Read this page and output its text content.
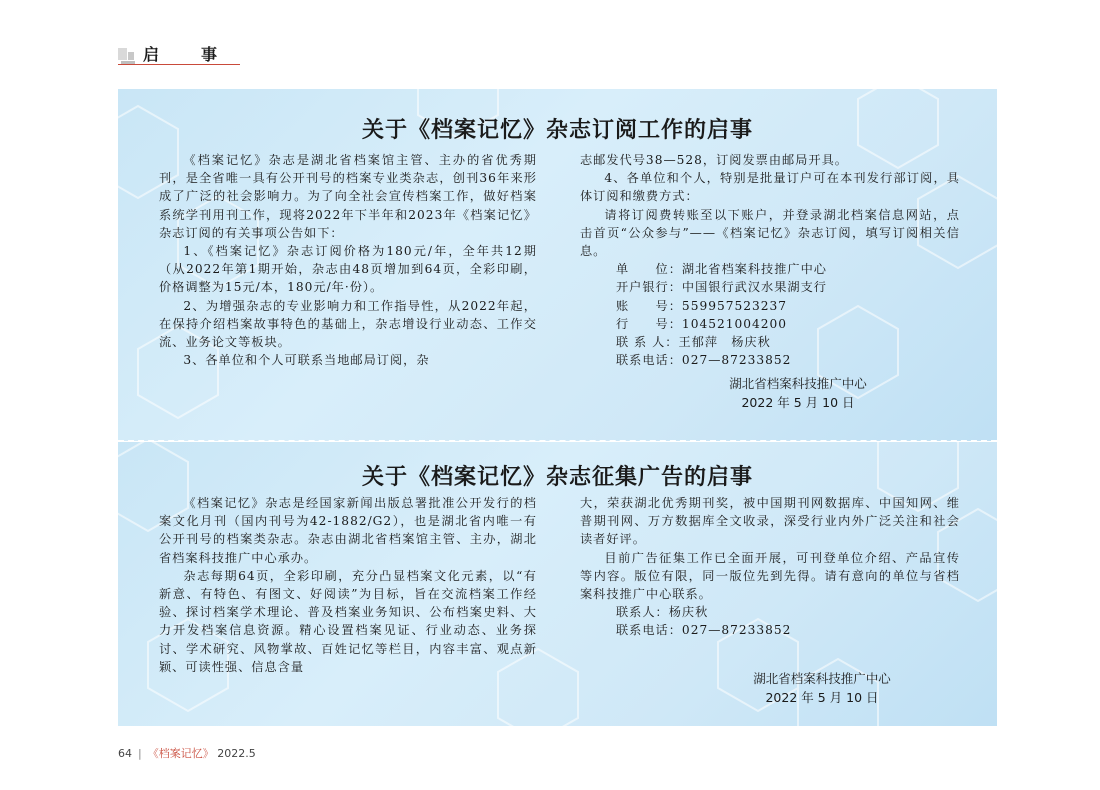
启	事
关于《档案记忆》杂志订阅工作的启事

《档案记忆》杂志是湖北省档案馆主管、主办的省优秀期刊，是全省唯一具有公开刊号的档案专业类杂志，创刊36年来形成了广泛的社会影响力。为了向全社会宣传档案工作，做好档案系统学刊用刊工作，现将2022年下半年和2023年《档案记忆》杂志订阅的有关事项公告如下：

1、《档案记忆》杂志订阅价格为180元/年，全年共12期（从2022年第1期开始，杂志由48页增加到64页，全彩印刷，价格调整为15元/本，180元/年·份）。

2、为增强杂志的专业影响力和工作指导性，从2022年起，在保持介绍档案故事特色的基础上，杂志增设行业动态、工作交流、业务论文等板块。

3、各单位和个人可联系当地邮局订阅，杂

志邮发代号38—528，订阅发票由邮局开具。

4、各单位和个人，特别是批量订户可在本刊发行部订阅，具体订阅和缴费方式：

请将订阅费转账至以下账户，并登录湖北档案信息网站，点击首页“公众参与”——《档案记忆》杂志订阅，填写订阅相关信息。

单　　位：湖北省档案科技推广中心

开户银行：中国银行武汉水果湖支行

账　　号：559957523237

行　　号：104521004200

联 系 人：王郁萍　杨庆秋

联系电话：027—87233852

湖北省档案科技推广中心
2022 年 5 月 10 日
关于《档案记忆》杂志征集广告的启事

《档案记忆》杂志是经国家新闻出版总署批准公开发行的档案文化月刊（国内刊号为42-1882/G2），也是湖北省内唯一有公开刊号的档案类杂志。杂志由湖北省档案馆主管、主办，湖北省档案科技推广中心承办。

杂志每期64页，全彩印刷，充分凸显档案文化元素，以“有新意、有特色、有图文、好阅读”为目标，旨在交流档案工作经验、探讨档案学术理论、普及档案业务知识、公布档案史料、大力开发档案信息资源。精心设置档案见证、行业动态、业务探讨、学术研究、风物掌故、百姓记忆等栏目，内容丰富、观点新颖、可读性强、信息含量

大，荣获湖北优秀期刊奖，被中国期刊网数据库、中国知网、维普期刊网、万方数据库全文收录，深受行业内外广泛关注和社会读者好评。

目前广告征集工作已全面开展，可刊登单位介绍、产品宣传等内容。版位有限，同一版位先到先得。请有意向的单位与省档案科技推广中心联系。

联系人：杨庆秋

联系电话：027—87233852

湖北省档案科技推广中心
2022 年 5 月 10 日
64 | 《档案记忆》 2022.5
